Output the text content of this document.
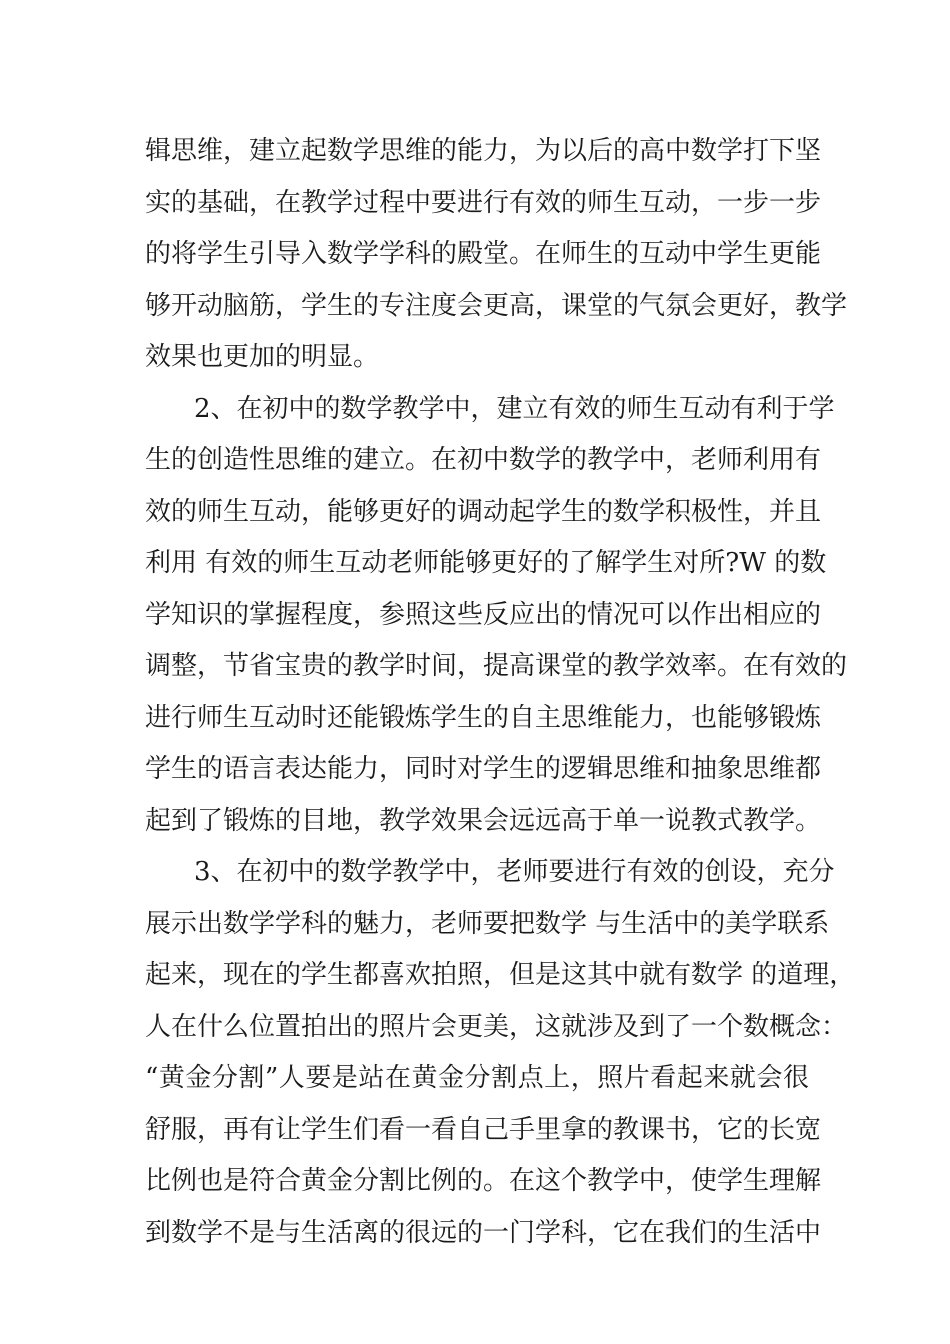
辑思维，建立起数学思维的能力，为以后的高中数学打下坚
实的基础，在教学过程中要进行有效的师生互动，一步一步
的将学生引导入数学学科的殿堂。在师生的互动中学生更能
够开动脑筋，学生的专注度会更高，课堂的气氛会更好，教学
效果也更加的明显。
2、在初中的数学教学中，建立有效的师生互动有利于学
生的创造性思维的建立。在初中数学的教学中，老师利用有
效的师生互动，能够更好的调动起学生的数学积极性，并且
利用 有效的师生互动老师能够更好的了解学生对所?W 的数
学知识的掌握程度，参照这些反应出的情况可以作出相应的
调整，节省宝贵的教学时间，提高课堂的教学效率。在有效的
进行师生互动时还能锻炼学生的自主思维能力，也能够锻炼
学生的语言表达能力，同时对学生的逻辑思维和抽象思维都
起到了锻炼的目地，教学效果会远远高于单一说教式教学。
3、在初中的数学教学中，老师要进行有效的创设，充分
展示出数学学科的魅力，老师要把数学 与生活中的美学联系
起来，现在的学生都喜欢拍照，但是这其中就有数学 的道理，
人在什么位置拍出的照片会更美，这就涉及到了一个数概念：
“黄金分割”人要是站在黄金分割点上，照片看起来就会很
舒服，再有让学生们看一看自己手里拿的教课书，它的长宽
比例也是符合黄金分割比例的。在这个教学中，使学生理解
到数学不是与生活离的很远的一门学科，它在我们的生活中
